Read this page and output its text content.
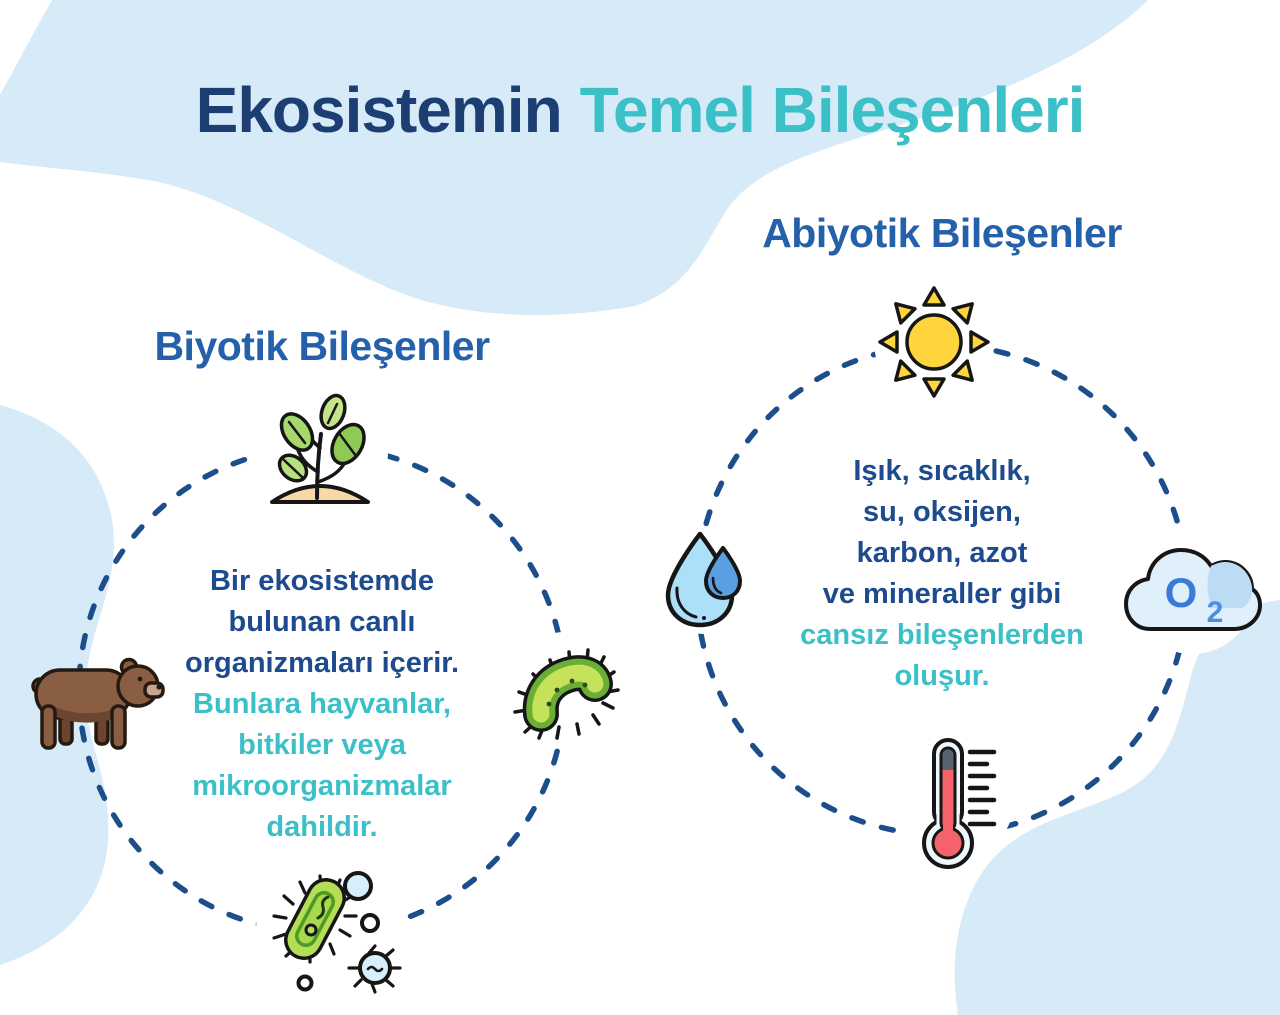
Ekosistemin Temel Bileşenleri
Abiyotik Bileşenler
Biyotik Bileşenler
Bir ekosistemde
bulunan canlı
organizmaları içerir.
Bunlara hayvanlar,
bitkiler veya
mikroorganizmalar
dahildir.
Işık, sıcaklık,
su, oksijen,
karbon, azot
ve mineraller gibi
cansız bileşenlerden
oluşur.
O 2
